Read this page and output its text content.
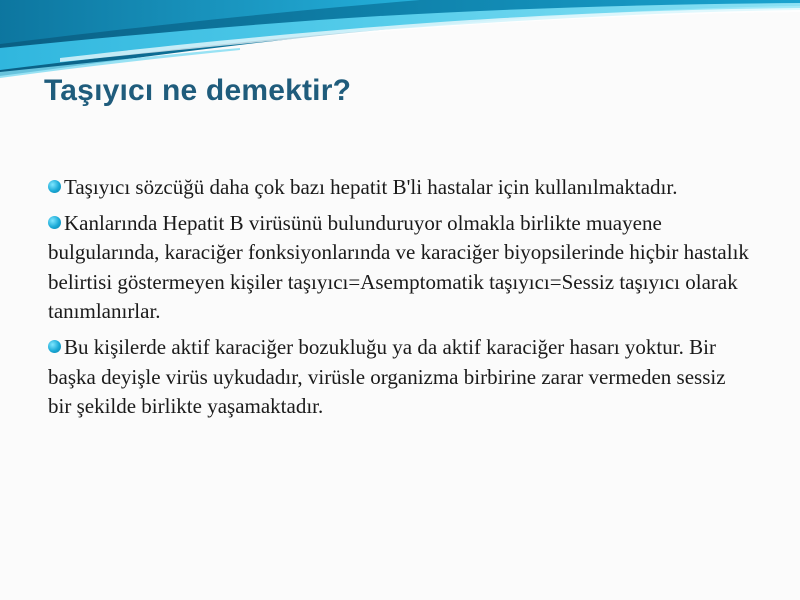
Taşıyıcı ne demektir?
Taşıyıcı sözcüğü daha çok bazı hepatit B'li hastalar için kullanılmaktadır.
Kanlarında Hepatit B virüsünü bulunduruyor olmakla birlikte muayene bulgularında, karaciğer fonksiyonlarında ve karaciğer biyopsilerinde hiçbir hastalık belirtisi göstermeyen kişiler taşıyıcı=Asemptomatik taşıyıcı=Sessiz taşıyıcı olarak tanımlanırlar.
Bu kişilerde aktif karaciğer bozukluğu ya da aktif karaciğer hasarı yoktur. Bir başka deyişle virüs uykudadır, virüsle organizma birbirine zarar vermeden sessiz bir şekilde birlikte yaşamaktadır.
